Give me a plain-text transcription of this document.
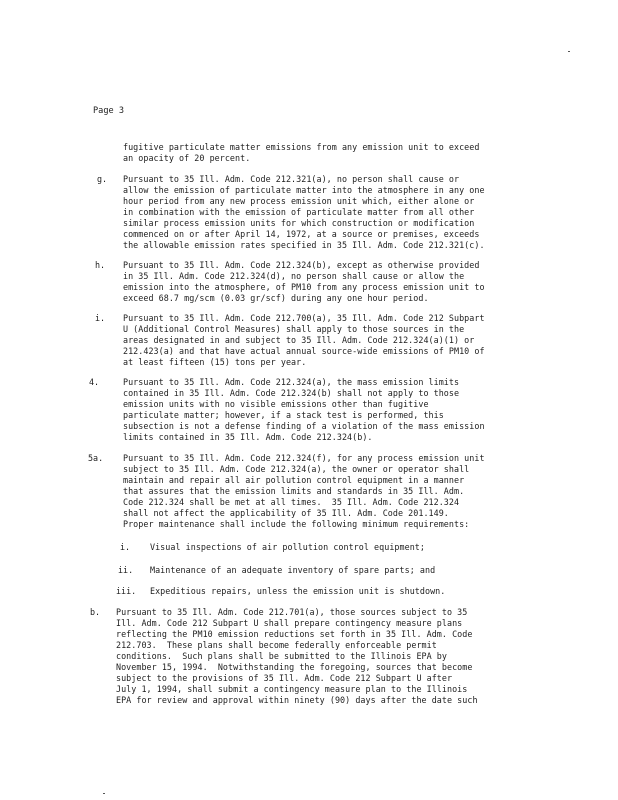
Page 3

fugitive particulate matter emissions from any emission unit to exceed

an opacity of 20 percent.

g. Pursuant to 35 Ill. Adm. Code 212.321(a), no person shall cause or

allow the emission of particulate matter into the atmosphere in any one

hour period from any new process emission unit which, either alone or

in combination with the emission of particulate matter from all other

similar process emission units for which construction or modification

commenced on or after April 14, 1972, at a source or premises, exceeds

the allowable emission rates specified in 35 Ill. Adm. Code 212.321(c).

h. Pursuant to 35 Ill. Adm. Code 212.324(b), except as otherwise provided

in 35 Ill. Adm. Code 212.324(d), no person shall cause or allow the

emission into the atmosphere, of PM10 from any process emission unit to

exceed 68.7 mg/scm (0.03 gr/scf) during any one hour period.

i. Pursuant to 35 Ill. Adm. Code 212.700(a), 35 Ill. Adm. Code 212 Subpart

U (Additional Control Measures) shall apply to those sources in the

areas designated in and subject to 35 Ill. Adm. Code 212.324(a)(1) or

212.423(a) and that have actual annual source-wide emissions of PM10 of

at least fifteen (15) tons per year.

4.	Pursuant to 35 Ill. Adm. Code 212.324(a), the mass emission limits

contained in 35 Ill. Adm. Code 212.324(b) shall not apply to those

emission units with no visible emissions other than fugitive

particulate matter; however, if a stack test is performed, this

subsection is not a defense finding of a violation of the mass emission

limits contained in 35 Ill. Adm. Code 212.324(b).

5a. Pursuant to 35 Ill. Adm. Code 212.324(f), for any process emission unit

subject to 35 Ill. Adm. Code 212.324(a), the owner or operator shall

maintain and repair all air pollution control equipment in a manner

that assures that the emission limits and standards in 35 Ill. Adm.

Code 212.324 shall be met at all times.  35 Ill. Adm. Code 212.324

shall not affect the applicability of 35 Ill. Adm. Code 201.149.

Proper maintenance shall include the following minimum requirements:

i. Visual inspections of air pollution control equipment;

ii. Maintenance of an adequate inventory of spare parts; and

iii. Expeditious repairs, unless the emission unit is shutdown.

b. Pursuant to 35 Ill. Adm. Code 212.701(a), those sources subject to 35

Ill. Adm. Code 212 Subpart U shall prepare contingency measure plans

reflecting the PM10 emission reductions set forth in 35 Ill. Adm. Code

212.703.  These plans shall become federally enforceable permit

conditions.  Such plans shall be submitted to the Illinois EPA by

November 15, 1994.  Notwithstanding the foregoing, sources that become

subject to the provisions of 35 Ill. Adm. Code 212 Subpart U after

July 1, 1994, shall submit a contingency measure plan to the Illinois

EPA for review and approval within ninety (90) days after the date such
